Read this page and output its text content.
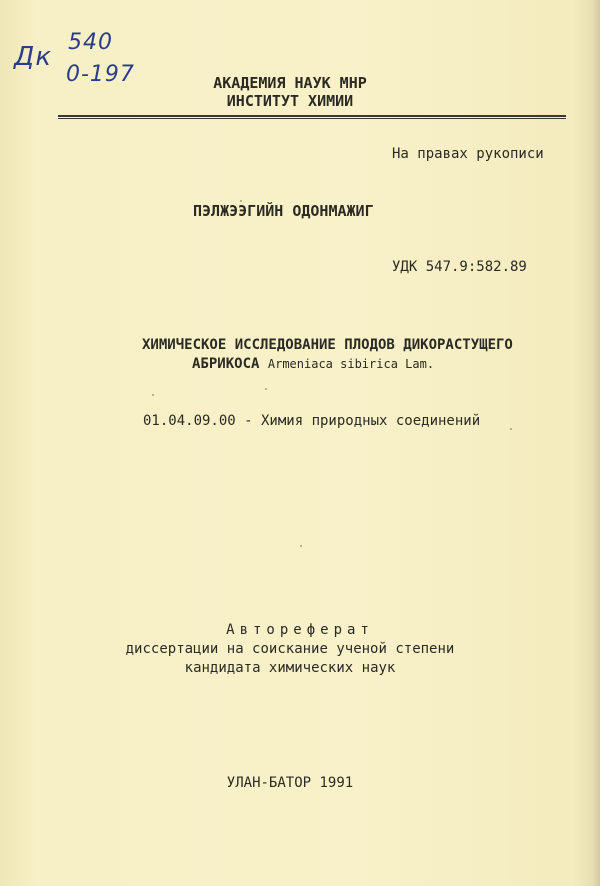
Дк 540
0-197	АКАДЕМИЯ НАУК МНР
ИНСТИТУТ ХИМИИ
На правах рукописи
ПЭЛЖЭЭГИЙН ОДОНМАЖИГ
УДК 547.9:582.89
ХИМИЧЕСКОЕ ИССЛЕДОВАНИЕ ПЛОДОВ ДИКОРАСТУЩЕГО
АБРИКОСА Armeniaca sibirica Lam.
01.04.09.00 - Химия природных соединений
Автореферат
диссертации на соискание ученой степени
кандидата химических наук
УЛАН-БАТОР 1991
